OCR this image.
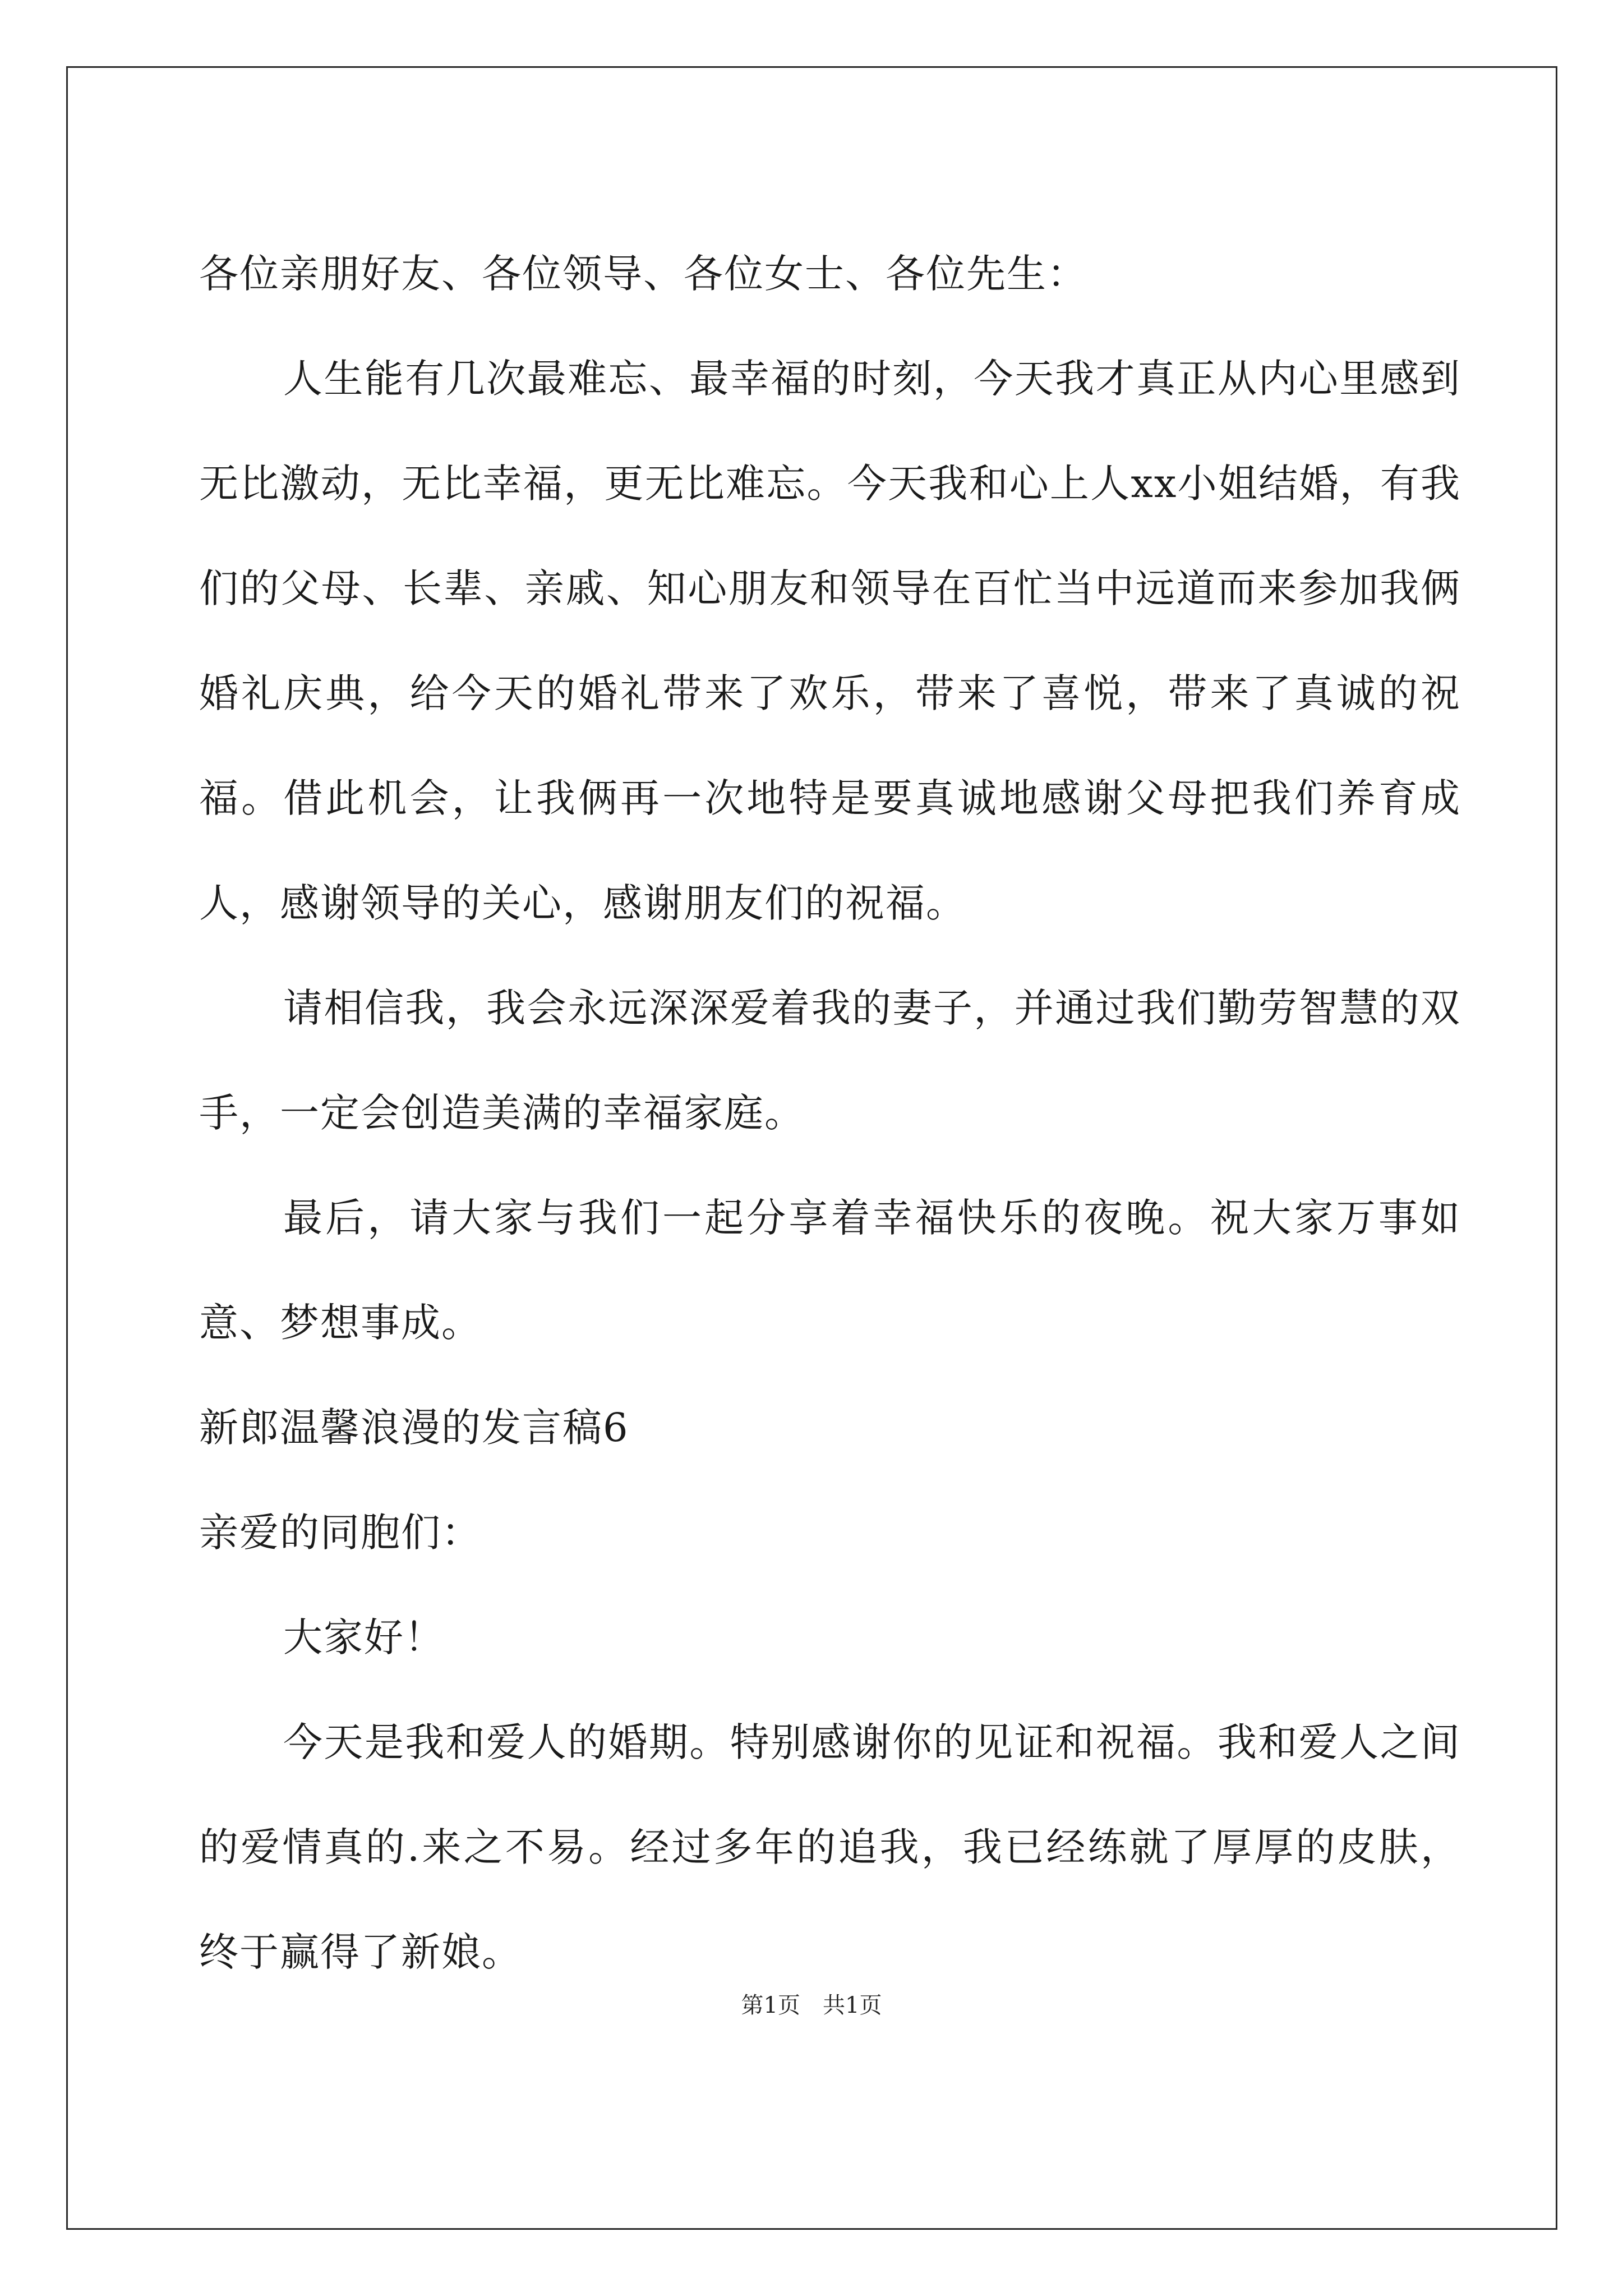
各位亲朋好友、各位领导、各位女士、各位先生：

人生能有几次最难忘、最幸福的时刻，今天我才真正从内心里感到无比激动，无比幸福，更无比难忘。今天我和心上人xx小姐结婚，有我们的父母、长辈、亲戚、知心朋友和领导在百忙当中远道而来参加我俩婚礼庆典，给今天的婚礼带来了欢乐，带来了喜悦，带来了真诚的祝福。借此机会，让我俩再一次地特是要真诚地感谢父母把我们养育成人，感谢领导的关心，感谢朋友们的祝福。

请相信我，我会永远深深爱着我的妻子，并通过我们勤劳智慧的双手，一定会创造美满的幸福家庭。

最后，请大家与我们一起分享着幸福快乐的夜晚。祝大家万事如意、梦想事成。

新郎温馨浪漫的发言稿6

亲爱的同胞们：

大家好！

今天是我和爱人的婚期。特别感谢你的见证和祝福。我和爱人之间的爱情真的.来之不易。经过多年的追我，我已经练就了厚厚的皮肤，终于赢得了新娘。

第1页　共1页
